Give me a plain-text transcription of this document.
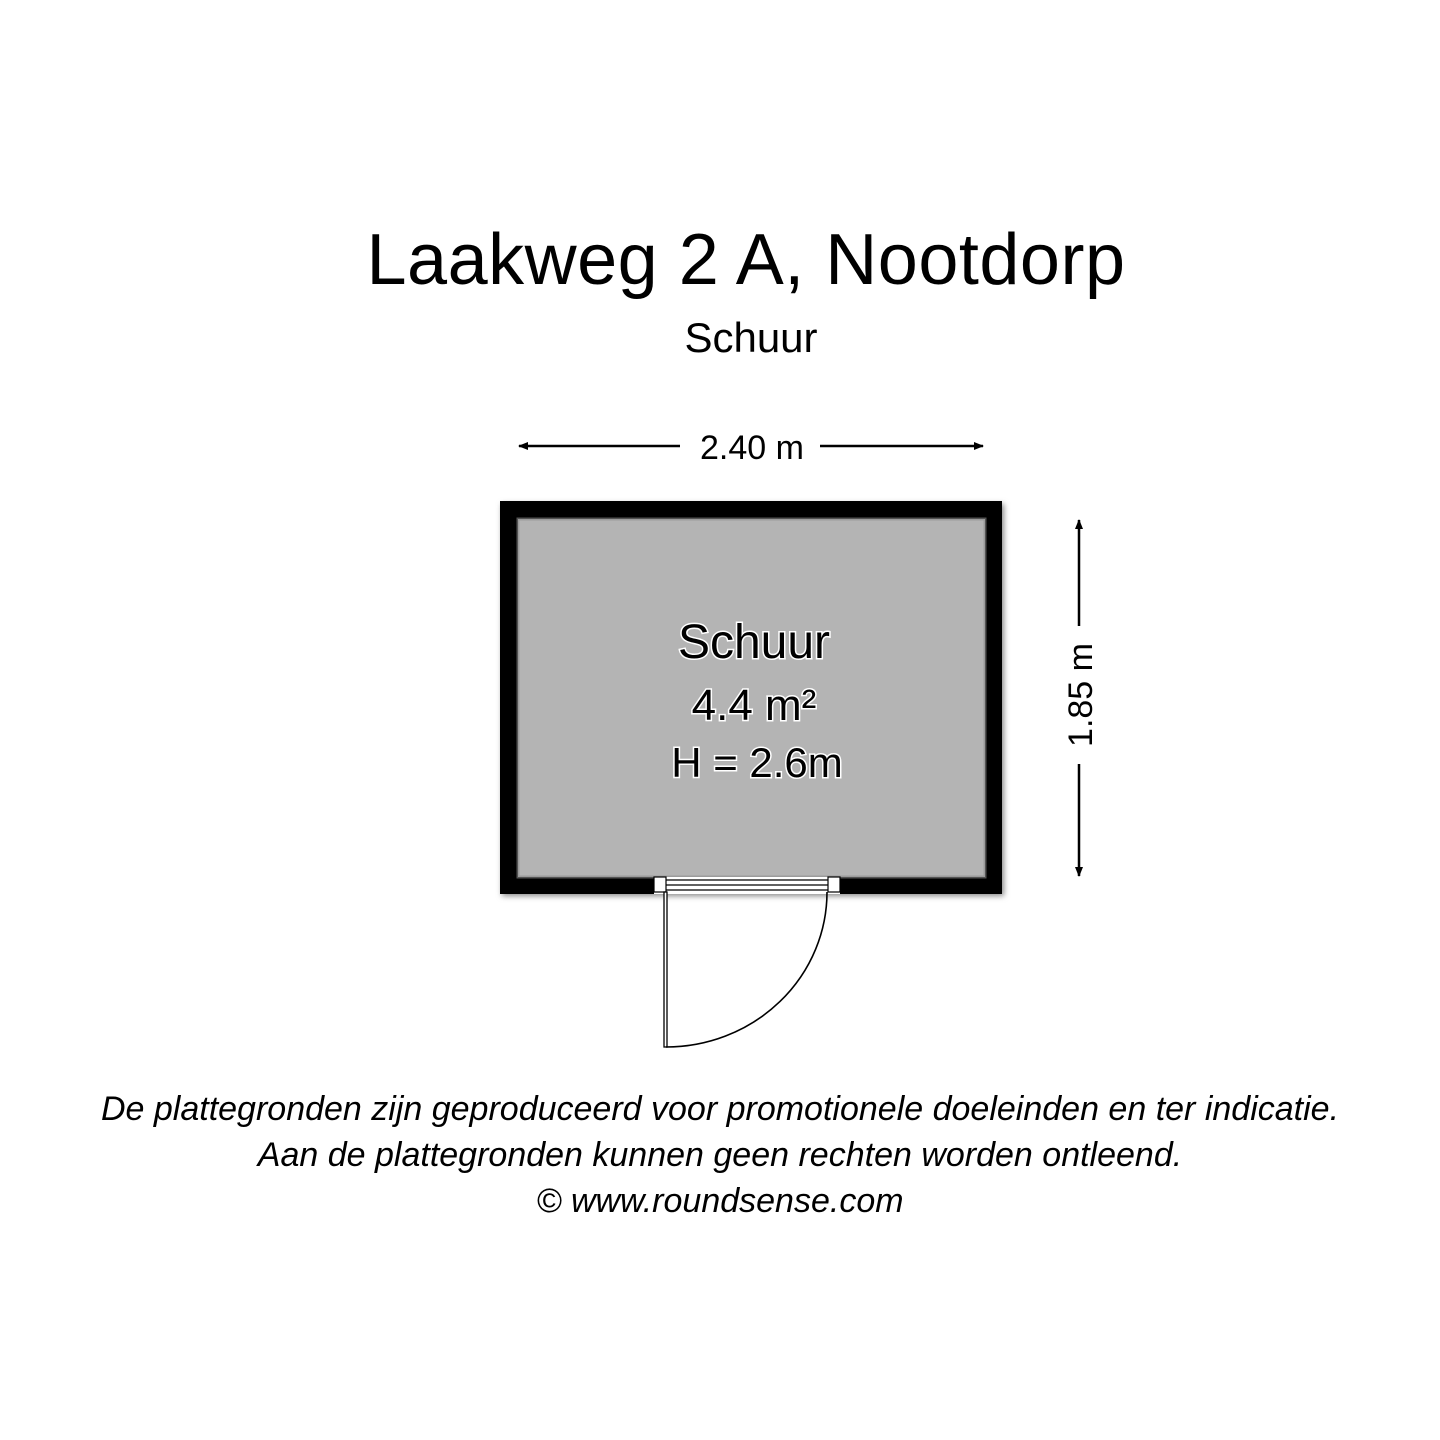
Laakweg 2 A, Nootdorp
Schuur
2.40 m
1.85 m
Schuur
4.4 m²
H = 2.6m
De plattegronden zijn geproduceerd voor promotionele doeleinden en ter indicatie.
Aan de plattegronden kunnen geen rechten worden ontleend.
© www.roundsense.com
